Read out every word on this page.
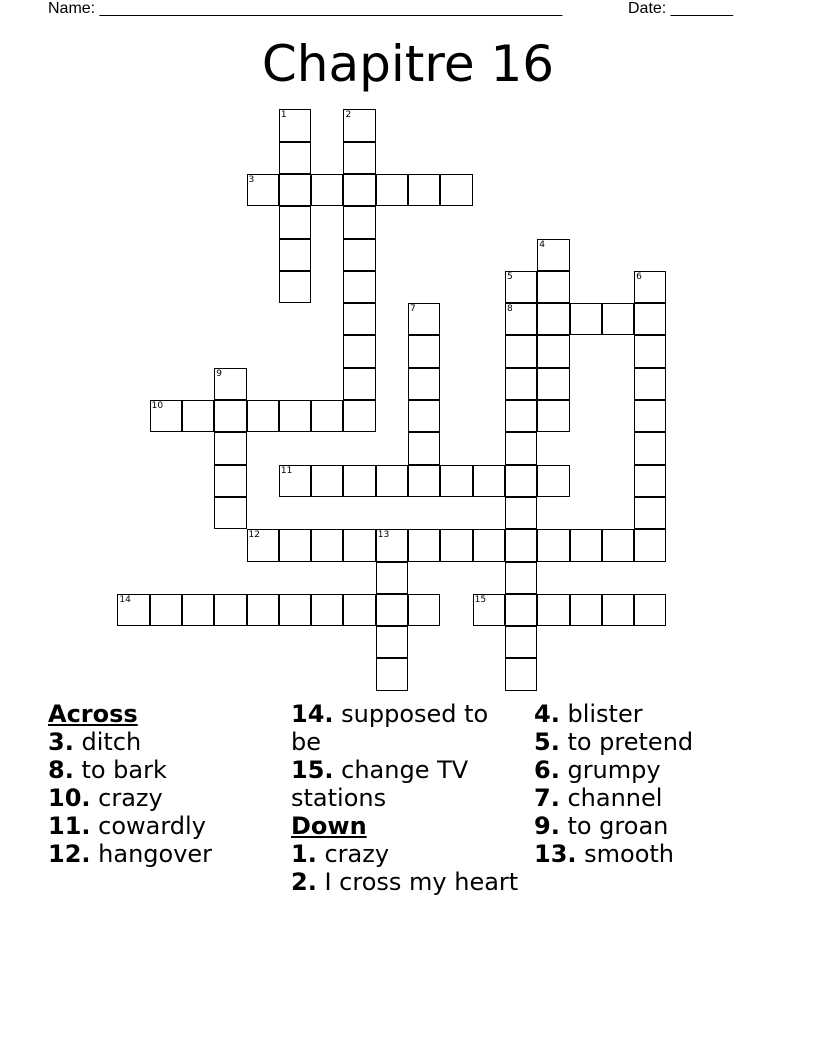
Name: ____________________________________________________	Date: _______
Chapitre 16
1	2
3
4
5	6
7	8
9
10
11
12	13
14	15
Across
3. ditch
8. to bark
10. crazy
11. cowardly
12. hangover
14. supposed to be
15. change TV stations
Down
1. crazy
2. I cross my heart
4. blister
5. to pretend
6. grumpy
7. channel
9. to groan
13. smooth
